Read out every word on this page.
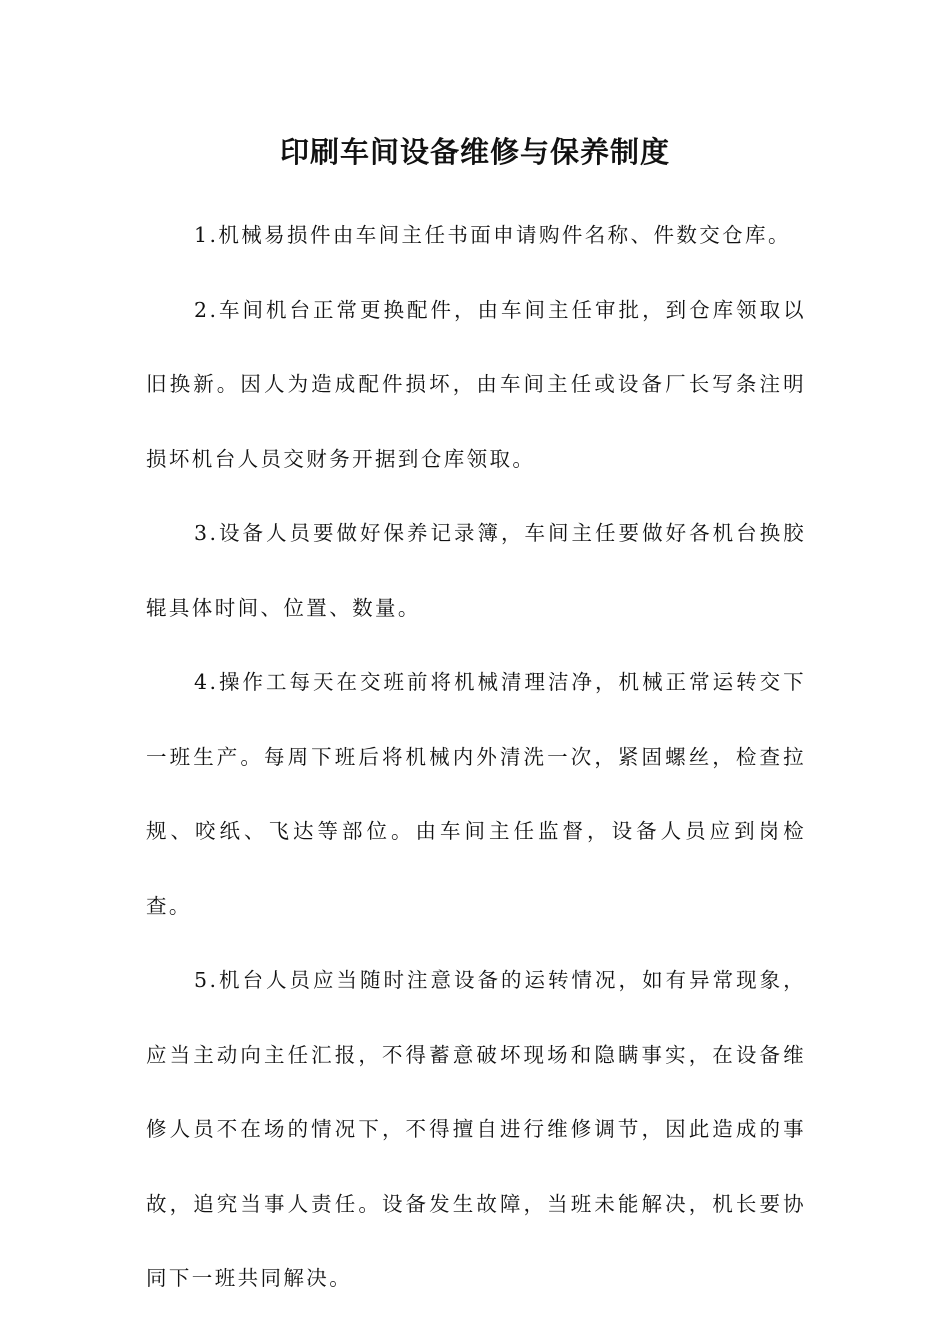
印刷车间设备维修与保养制度

1.机械易损件由车间主任书面申请购件名称、件数交仓库。

2.车间机台正常更换配件，由车间主任审批，到仓库领取以旧换新。因人为造成配件损坏，由车间主任或设备厂长写条注明损坏机台人员交财务开据到仓库领取。

3.设备人员要做好保养记录簿，车间主任要做好各机台换胶辊具体时间、位置、数量。

4.操作工每天在交班前将机械清理洁净，机械正常运转交下一班生产。每周下班后将机械内外清洗一次，紧固螺丝，检查拉规、咬纸、飞达等部位。由车间主任监督，设备人员应到岗检查。

5.机台人员应当随时注意设备的运转情况，如有异常现象，应当主动向主任汇报，不得蓄意破坏现场和隐瞒事实，在设备维修人员不在场的情况下，不得擅自进行维修调节，因此造成的事故，追究当事人责任。设备发生故障，当班未能解决，机长要协同下一班共同解决。
